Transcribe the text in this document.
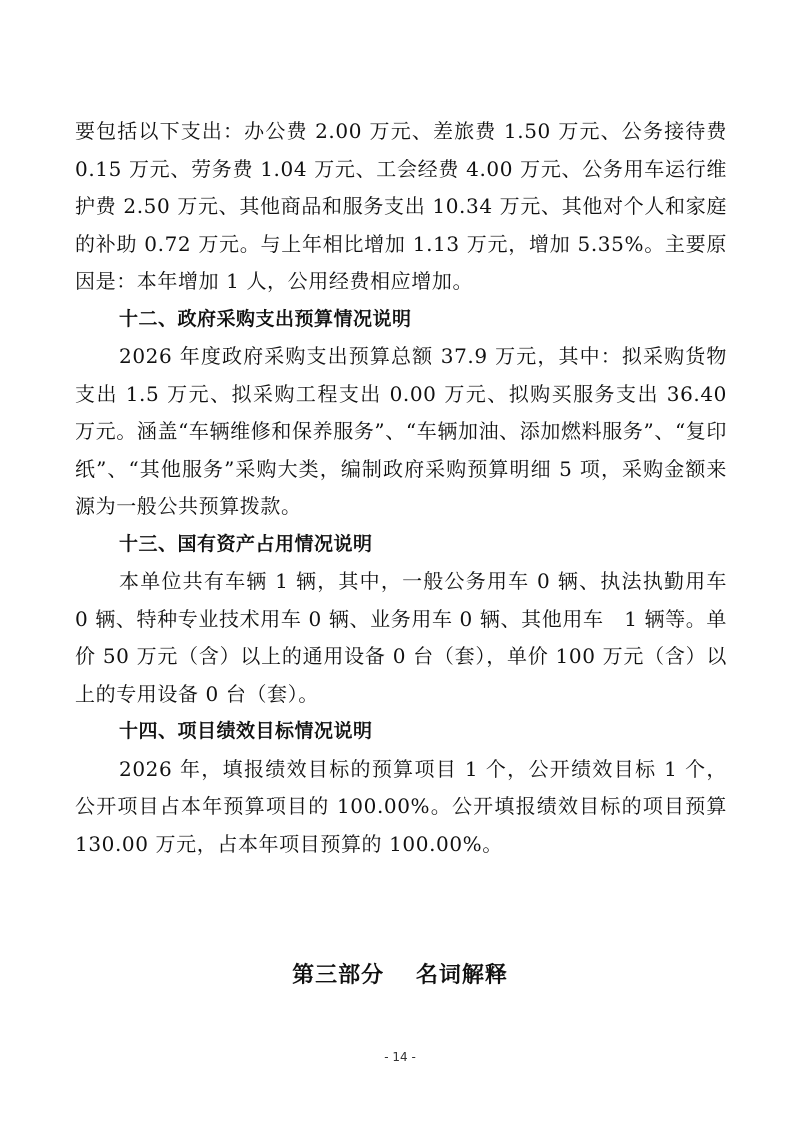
要包括以下支出：办公费 2.00 万元、差旅费 1.50 万元、公务接待费 0.15 万元、劳务费 1.04 万元、工会经费 4.00 万元、公务用车运行维护费 2.50 万元、其他商品和服务支出 10.34 万元、其他对个人和家庭的补助 0.72 万元。与上年相比增加 1.13 万元，增加 5.35%。主要原因是：本年增加 1 人，公用经费相应增加。

十二、政府采购支出预算情况说明

2026 年度政府采购支出预算总额 37.9 万元，其中：拟采购货物支出 1.5 万元、拟采购工程支出 0.00 万元、拟购买服务支出 36.40 万元。涵盖“车辆维修和保养服务”、“车辆加油、添加燃料服务”、“复印纸”、“其他服务”采购大类，编制政府采购预算明细 5 项，采购金额来源为一般公共预算拨款。

十三、国有资产占用情况说明

本单位共有车辆 1 辆，其中，一般公务用车 0 辆、执法执勤用车 0 辆、特种专业技术用车 0 辆、业务用车 0 辆、其他用车　1 辆等。单价 50 万元（含）以上的通用设备 0 台（套），单价 100 万元（含）以上的专用设备 0 台（套）。

十四、项目绩效目标情况说明

2026 年，填报绩效目标的预算项目 1 个，公开绩效目标 1 个，公开项目占本年预算项目的 100.00%。公开填报绩效目标的项目预算 130.00 万元，占本年项目预算的 100.00%。

第三部分　 名词解释
- 14 -
